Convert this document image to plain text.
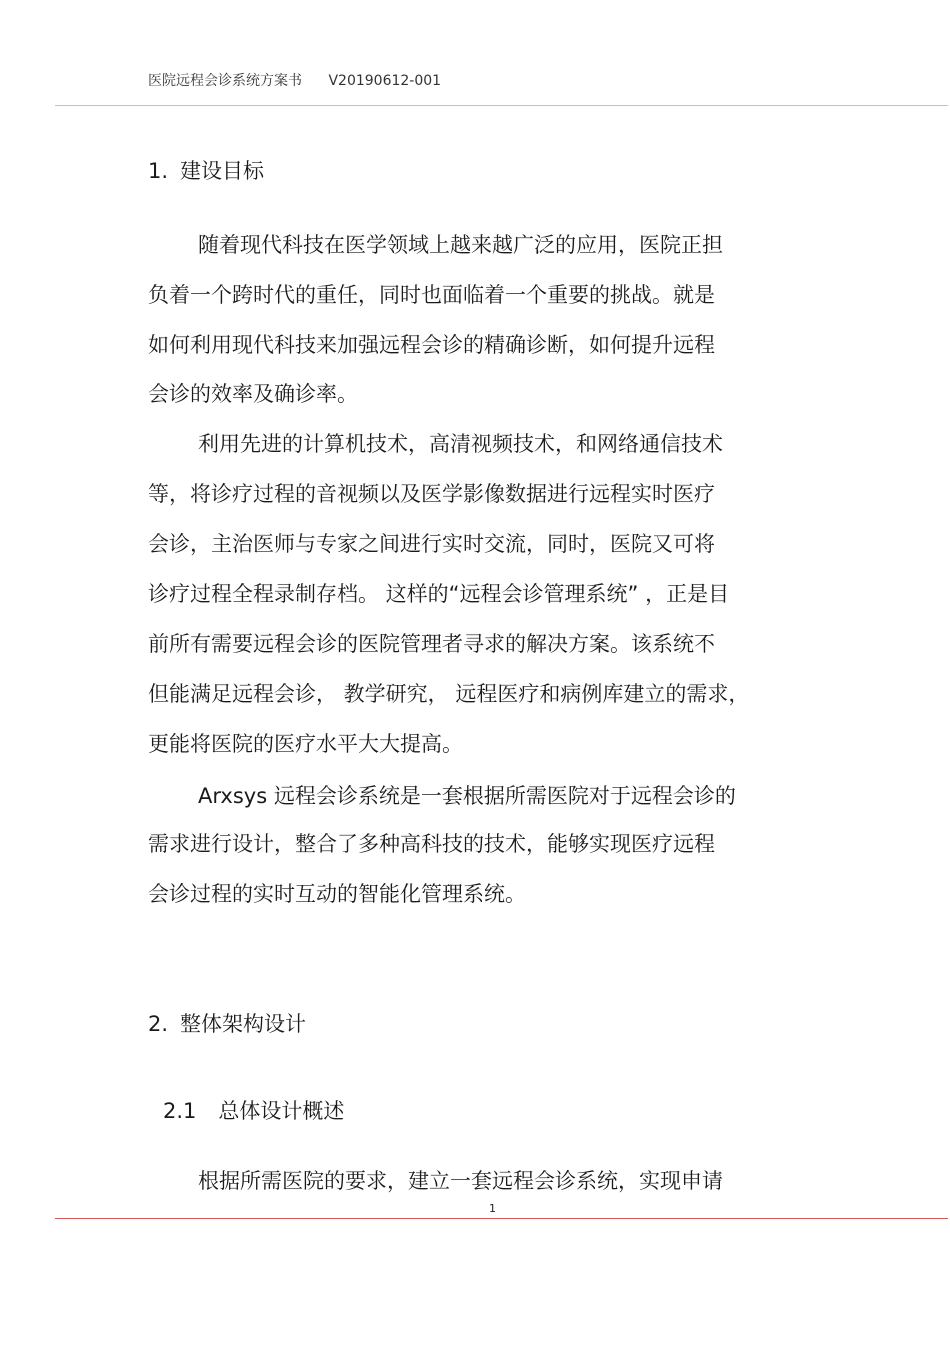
医院远程会诊系统方案书 V20190612-001
1. 建设目标
随着现代科技在医学领域上越来越广泛的应用，医院正担
负着一个跨时代的重任，同时也面临着一个重要的挑战。就是
如何利用现代科技来加强远程会诊的精确诊断，如何提升远程
会诊的效率及确诊率。
利用先进的计算机技术，高清视频技术，和网络通信技术
等，将诊疗过程的音视频以及医学影像数据进行远程实时医疗
会诊，主治医师与专家之间进行实时交流，同时，医院又可将
诊疗过程全程录制存档。 这样的“远程会诊管理系统” ，正是目
前所有需要远程会诊的医院管理者寻求的解决方案。该系统不
但能满足远程会诊， 教学研究， 远程医疗和病例库建立的需求，
更能将医院的医疗水平大大提高。
Arxsys 远程会诊系统是一套根据所需医院对于远程会诊的
需求进行设计，整合了多种高科技的技术，能够实现医疗远程
会诊过程的实时互动的智能化管理系统。
2. 整体架构设计
2.1 总体设计概述
根据所需医院的要求，建立一套远程会诊系统，实现申请
1
